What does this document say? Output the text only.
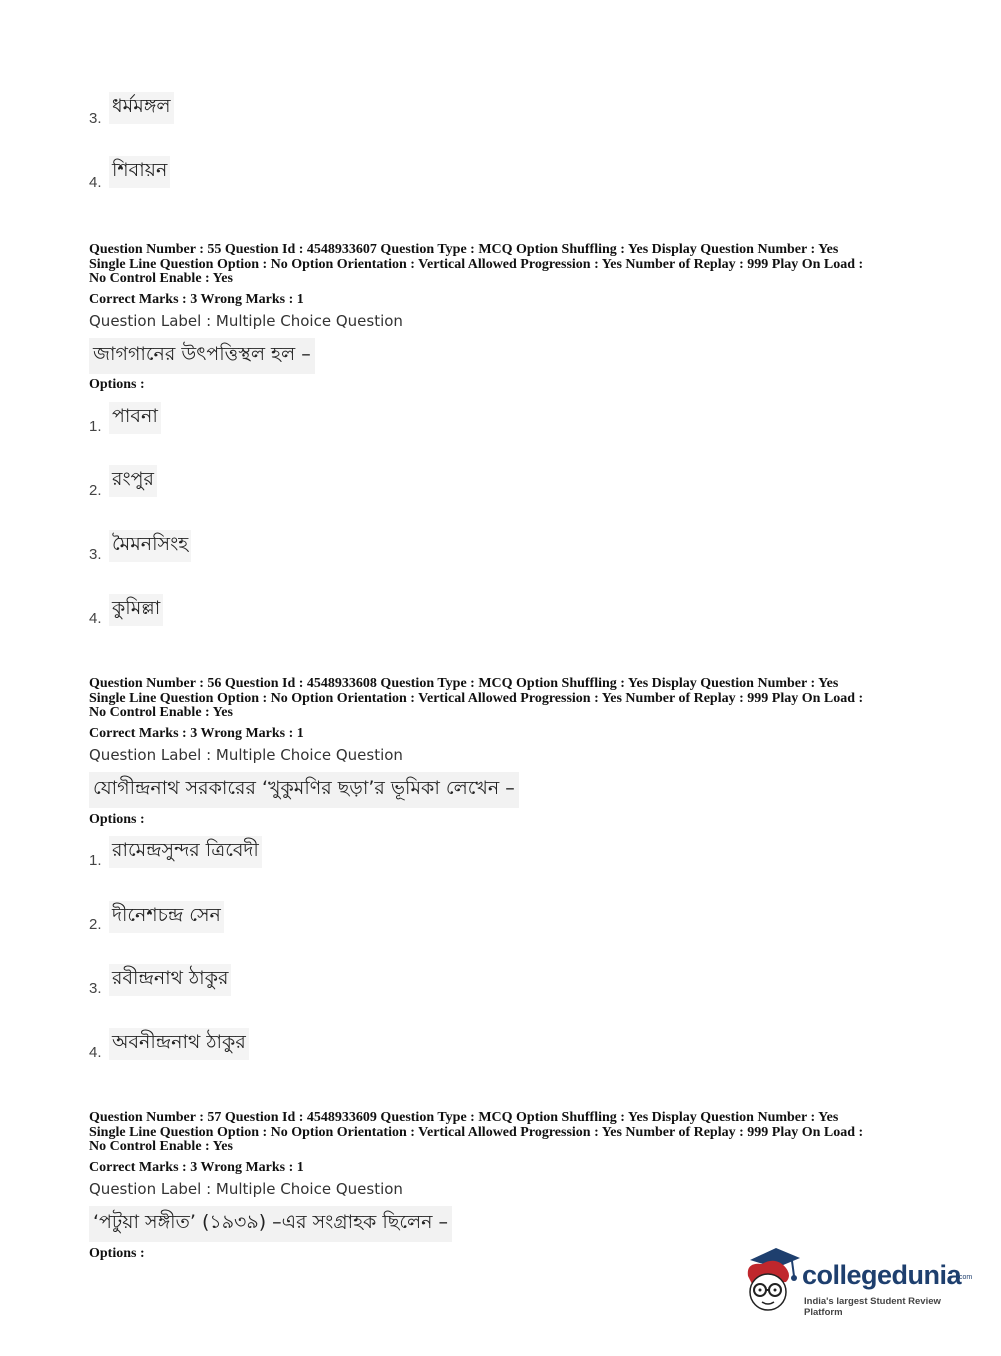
3.
ধর্মমঙ্গল
4.
শিবায়ন

Question Number : 55 Question Id : 4548933607 Question Type : MCQ Option Shuffling : Yes Display Question Number : Yes

Single Line Question Option : No Option Orientation : Vertical Allowed Progression : Yes Number of Replay : 999 Play On Load :

No Control Enable : Yes

Correct Marks : 3 Wrong Marks : 1

Question Label : Multiple Choice Question

জাগগানের উৎপত্তিস্থল হল –
Options :
1. পাবনা
2.
রংপুর
3. মৈমনসিংহ
4. কুমিল্লা

Question Number : 56 Question Id : 4548933608 Question Type : MCQ Option Shuffling : Yes Display Question Number : Yes

Single Line Question Option : No Option Orientation : Vertical Allowed Progression : Yes Number of Replay : 999 Play On Load :

No Control Enable : Yes

Correct Marks : 3 Wrong Marks : 1

Question Label : Multiple Choice Question

যোগীন্দ্রনাথ সরকারের ‘খুকুমণির ছড়া’র ভূমিকা লেখেন –
Options :
1. রামেন্দ্রসুন্দর ত্রিবেদী
2. দীনেশচন্দ্র সেন
3. রবীন্দ্রনাথ ঠাকুর
4. অবনীন্দ্রনাথ ঠাকুর

Question Number : 57 Question Id : 4548933609 Question Type : MCQ Option Shuffling : Yes Display Question Number : Yes

Single Line Question Option : No Option Orientation : Vertical Allowed Progression : Yes Number of Replay : 999 Play On Load :

No Control Enable : Yes

Correct Marks : 3 Wrong Marks : 1

Question Label : Multiple Choice Question

‘পটুয়া সঙ্গীত’ (১৯৩৯) –এর সংগ্রাহক ছিলেন –
Options :
collegedunia
.com
India's largest Student Review Platform
